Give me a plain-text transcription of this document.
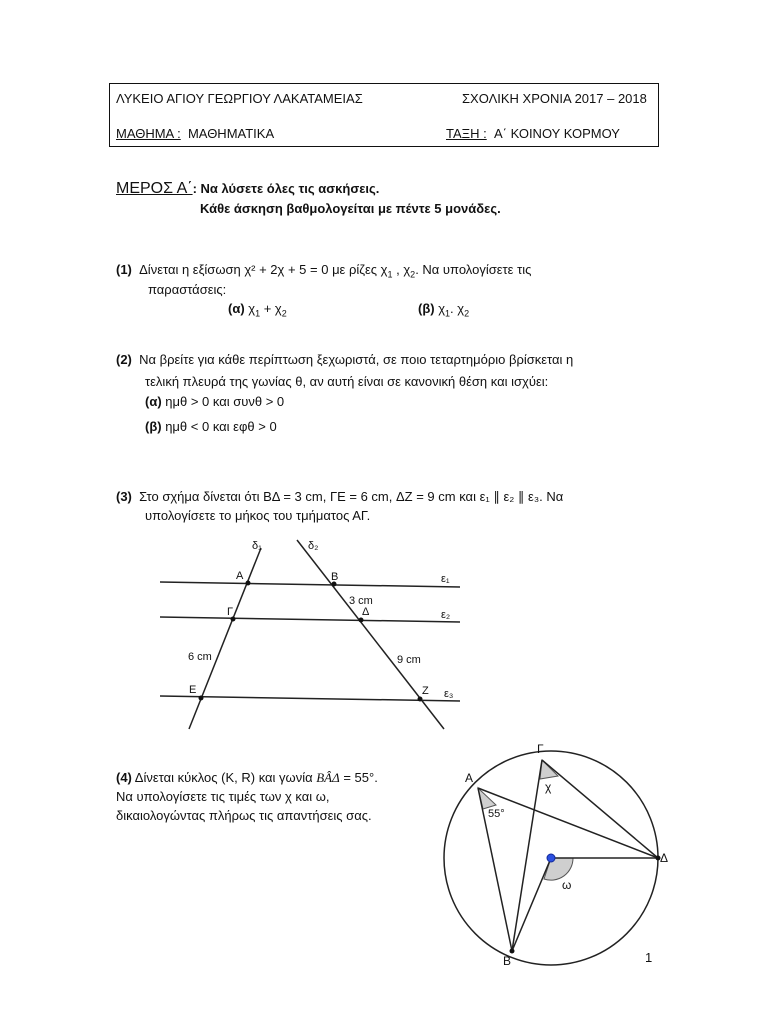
ΛΥΚΕΙΟ ΑΓΙΟΥ ΓΕΩΡΓΙΟΥ ΛΑΚΑΤΑΜΕΙΑΣ	ΣΧΟΛΙΚΗ ΧΡΟΝΙΑ 2017 – 2018
ΜΑΘΗΜΑ : ΜΑΘΗΜΑΤΙΚΑ	ΤΑΞΗ : Α΄ ΚΟΙΝΟΥ ΚΟΡΜΟΥ
ΜΕΡΟΣ Α΄: Να λύσετε όλες τις ασκήσεις.
Κάθε άσκηση βαθμολογείται με πέντε 5 μονάδες.
(1) Δίνεται η εξίσωση χ² + 2χ + 5 = 0 με ρίζες $\chi_1$ , $\chi_2$. Να υπολογίσετε τις
παραστάσεις:
(α) $\chi_1 + \chi_2$	(β) $\chi_1$. $\chi_2$
(2) Να βρείτε για κάθε περίπτωση ξεχωριστά, σε ποιο τεταρτημόριο βρίσκεται η
τελική πλευρά της γωνίας θ, αν αυτή είναι σε κανονική θέση και ισχύει:
(α) ημθ > 0 και συνθ > 0
(β) ημθ < 0 και εφθ > 0
(3) Στο σχήμα δίνεται ότι ΒΔ = 3 cm, ΓΕ = 6 cm, ΔΖ = 9 cm και ε₁ ∥ ε₂ ∥ ε₃. Να
υπολογίσετε το μήκος του τμήματος ΑΓ.
δ₁	δ₂
Α	Β
Γ	Δ
Ε	Ζ
ε₁
ε₂
ε₃
3 cm
6 cm	9 cm
(4) Δίνεται κύκλος (Κ, R) και γωνία ΒÂΔ = 55°.
Να υπολογίσετε τις τιμές των χ και ω,
δικαιολογώντας πλήρως τις απαντήσεις σας.
Α
Γ
Δ
Β
55°
χ
ω
1
